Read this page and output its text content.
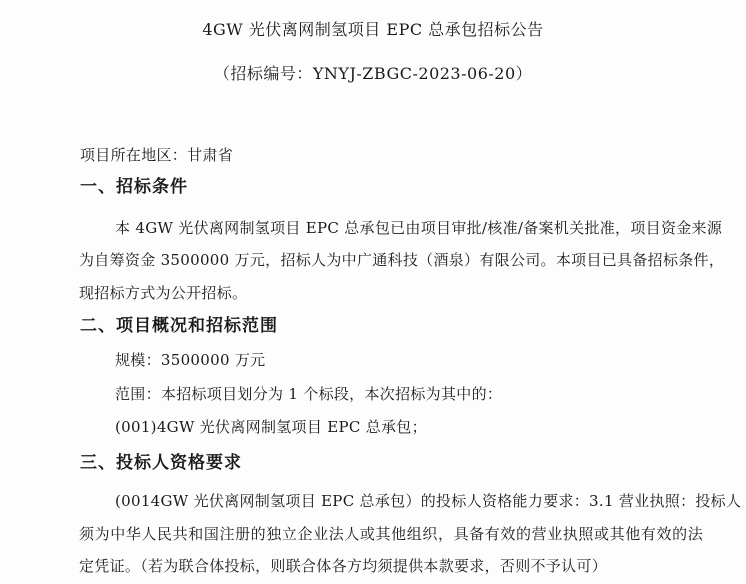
4GW 光伏离网制氢项目 EPC 总承包招标公告
（招标编号：YNYJ-ZBGC-2023-06-20）
项目所在地区：甘肃省
一、招标条件
本 4GW 光伏离网制氢项目 EPC 总承包已由项目审批/核准/备案机关批准，项目资金来源
为自筹资金 3500000 万元，招标人为中广通科技（酒泉）有限公司。本项目已具备招标条件，
现招标方式为公开招标。
二、项目概况和招标范围
规模：3500000 万元
范围：本招标项目划分为 1 个标段，本次招标为其中的：
(001)4GW 光伏离网制氢项目 EPC 总承包；
三、投标人资格要求
(0014GW 光伏离网制氢项目 EPC 总承包）的投标人资格能力要求：3.1 营业执照：投标人
须为中华人民共和国注册的独立企业法人或其他组织，具备有效的营业执照或其他有效的法
定凭证。（若为联合体投标，则联合体各方均须提供本款要求，否则不予认可）
